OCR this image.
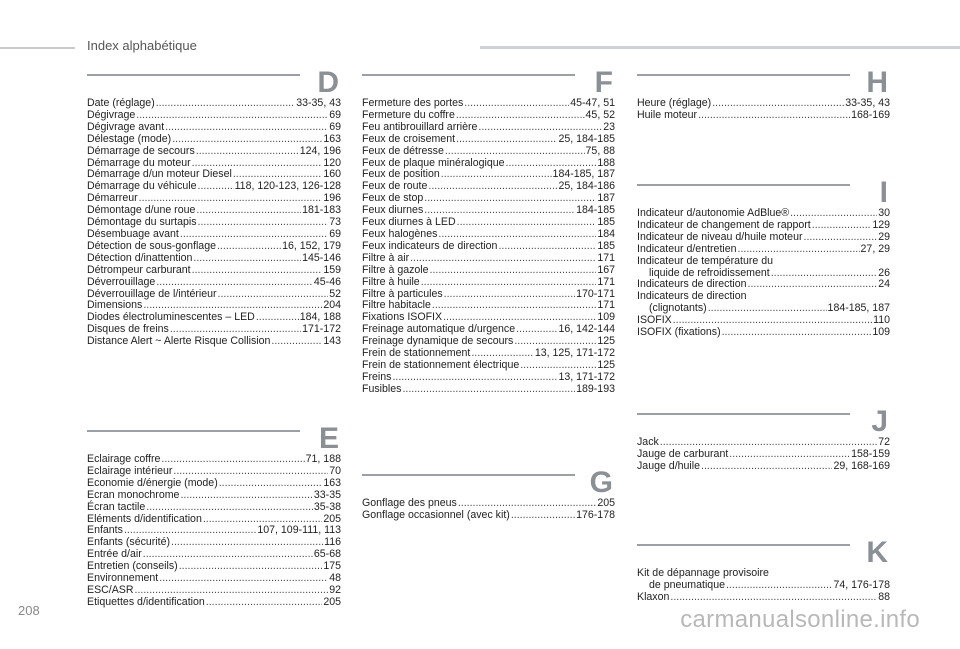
Index alphabétique
D
Date (réglage) .....	33-35, 43
Dégivrage .....	69
Dégivrage avant .....	69
Délestage (mode) .....	163
Démarrage de secours .....	124, 196
Démarrage du moteur .....	120
Démarrage d/un moteur Diesel .....	160
Démarrage du véhicule .....	118, 120-123, 126-128
Démarreur .....	196
Démontage d/une roue .....	181-183
Démontage du surtapis .....	73
Désembuage avant .....	69
Détection de sous-gonflage .....	16, 152, 179
Détection d/inattention .....	145-146
Détrompeur carburant .....	159
Déverrouillage .....	45-46
Déverrouillage de l/intérieur .....	52
Dimensions .....	204
Diodes électroluminescentes – LED .....	184, 188
Disques de freins .....	171-172
Distance Alert ~ Alerte Risque Collision .....	143
E
Eclairage coffre .....	71, 188
Eclairage intérieur .....	70
Economie d/énergie (mode) .....	163
Ecran monochrome .....	33-35
Écran tactile .....	35-38
Eléments d/identification .....	205
Enfants .....	107, 109-111, 113
Enfants (sécurité) .....	116
Entrée d/air .....	65-68
Entretien (conseils) .....	175
Environnement .....	48
ESC/ASR .....	92
Etiquettes d/identification .....	205
F
Fermeture des portes .....	45-47, 51
Fermeture du coffre .....	45, 52
Feu antibrouillard arrière .....	23
Feux de croisement .....	25, 184-185
Feux de détresse .....	75, 88
Feux de plaque minéralogique .....	188
Feux de position .....	184-185, 187
Feux de route .....	25, 184-186
Feux de stop .....	187
Feux diurnes .....	184-185
Feux diurnes à LED .....	185
Feux halogènes .....	184
Feux indicateurs de direction .....	185
Filtre à air .....	171
Filtre à gazole .....	167
Filtre à huile .....	171
Filtre à particules .....	170-171
Filtre habitacle .....	171
Fixations ISOFIX .....	109
Freinage automatique d/urgence .....	16, 142-144
Freinage dynamique de secours .....	125
Frein de stationnement .....	13, 125, 171-172
Frein de stationnement électrique .....	125
Freins .....	13, 171-172
Fusibles .....	189-193
G
Gonflage des pneus .....	205
Gonflage occasionnel (avec kit) .....	176-178
H
Heure (réglage) .....	33-35, 43
Huile moteur .....	168-169
I
Indicateur d/autonomie AdBlue® .....	30
Indicateur de changement de rapport .....	129
Indicateur de niveau d/huile moteur .....	29
Indicateur d/entretien .....	27, 29
Indicateur de température du
liquide de refroidissement .....	26
Indicateurs de direction .....	24
Indicateurs de direction
(clignotants) .....	184-185, 187
ISOFIX .....	110
ISOFIX (fixations) .....	109
J
Jack .....	72
Jauge de carburant .....	158-159
Jauge d/huile .....	29, 168-169
K
Kit de dépannage provisoire
de pneumatique .....	74, 176-178
Klaxon .....	88
208	carmanualsonline.info
